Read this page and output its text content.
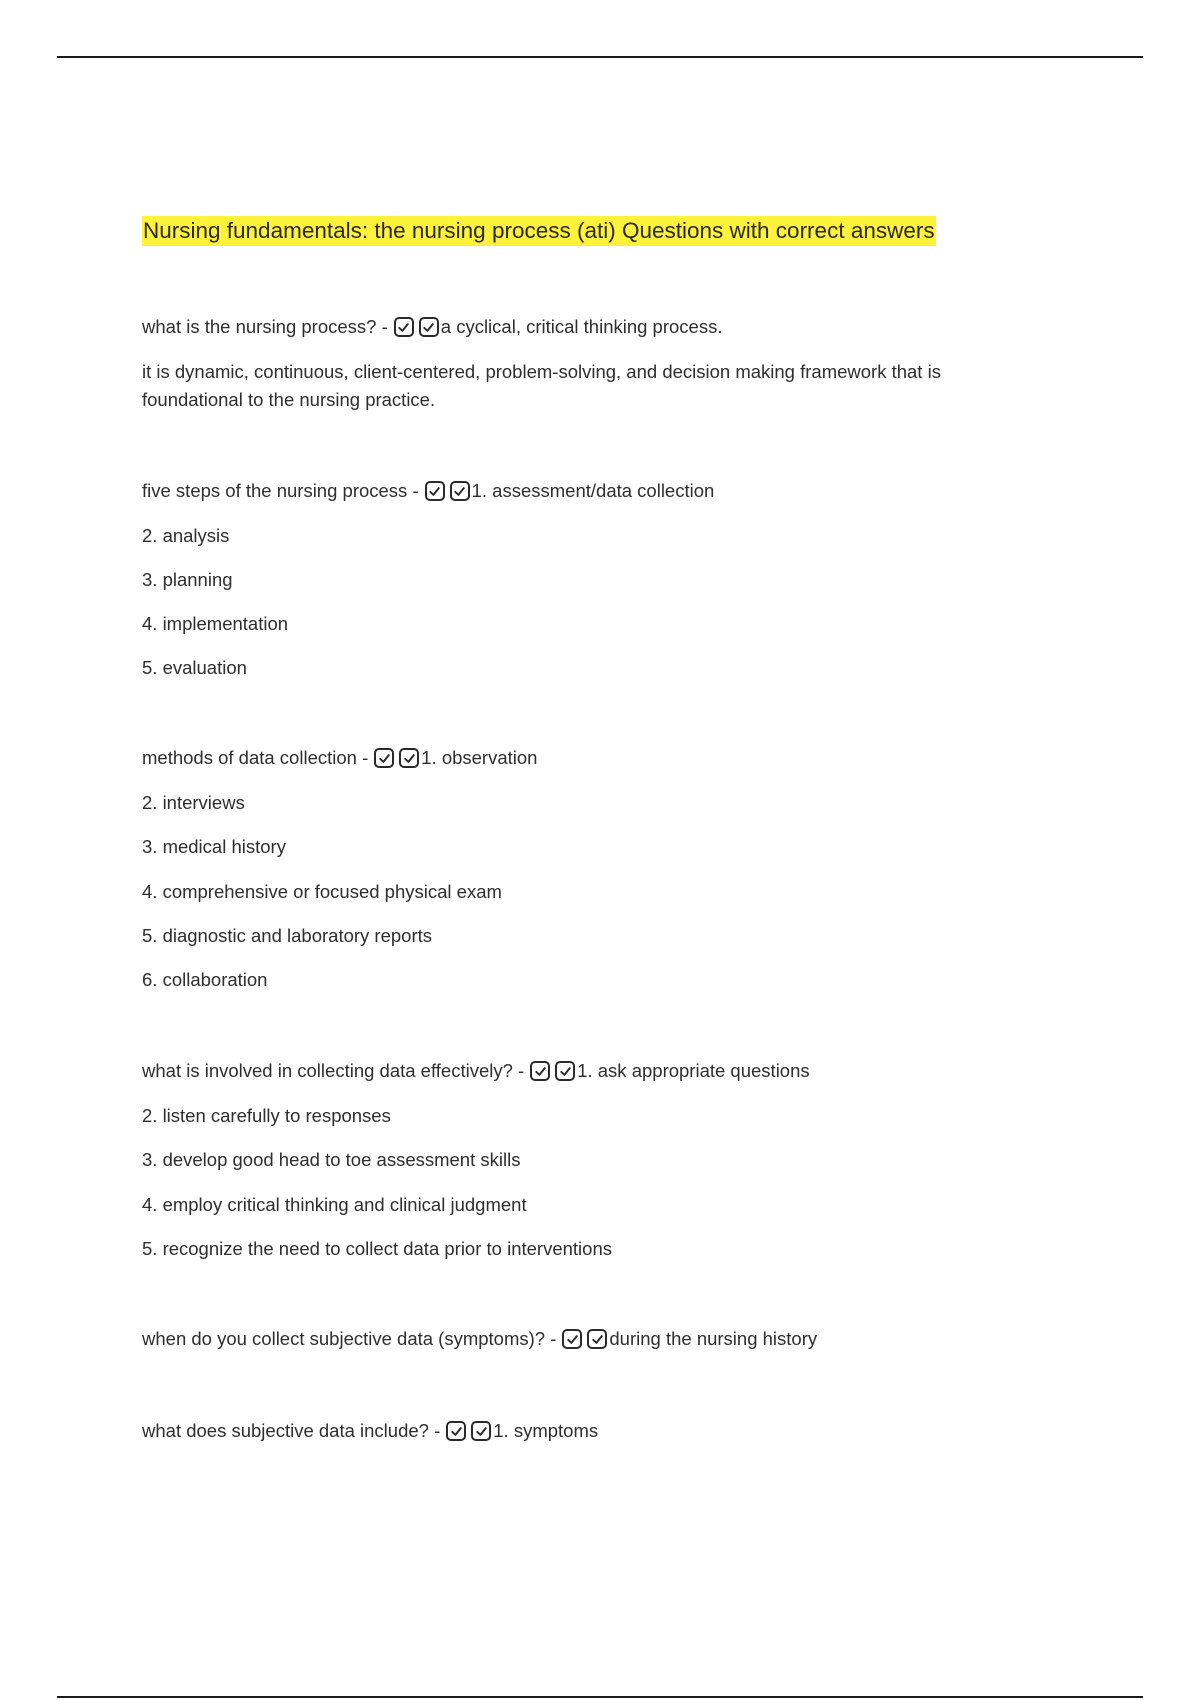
Nursing fundamentals: the nursing process (ati) Questions with correct answers
what is the nursing process? -	a cyclical, critical thinking process.
it is dynamic, continuous, client-centered, problem-solving, and decision making framework that is foundational to the nursing practice.
five steps of the nursing process -	1. assessment/data collection
2. analysis
3. planning
4. implementation
5. evaluation
methods of data collection -	1. observation
2. interviews
3. medical history
4. comprehensive or focused physical exam
5. diagnostic and laboratory reports
6. collaboration
what is involved in collecting data effectively? -	1. ask appropriate questions
2. listen carefully to responses
3. develop good head to toe assessment skills
4. employ critical thinking and clinical judgment
5. recognize the need to collect data prior to interventions
when do you collect subjective data (symptoms)? -	during the nursing history
what does subjective data include? -	1. symptoms
